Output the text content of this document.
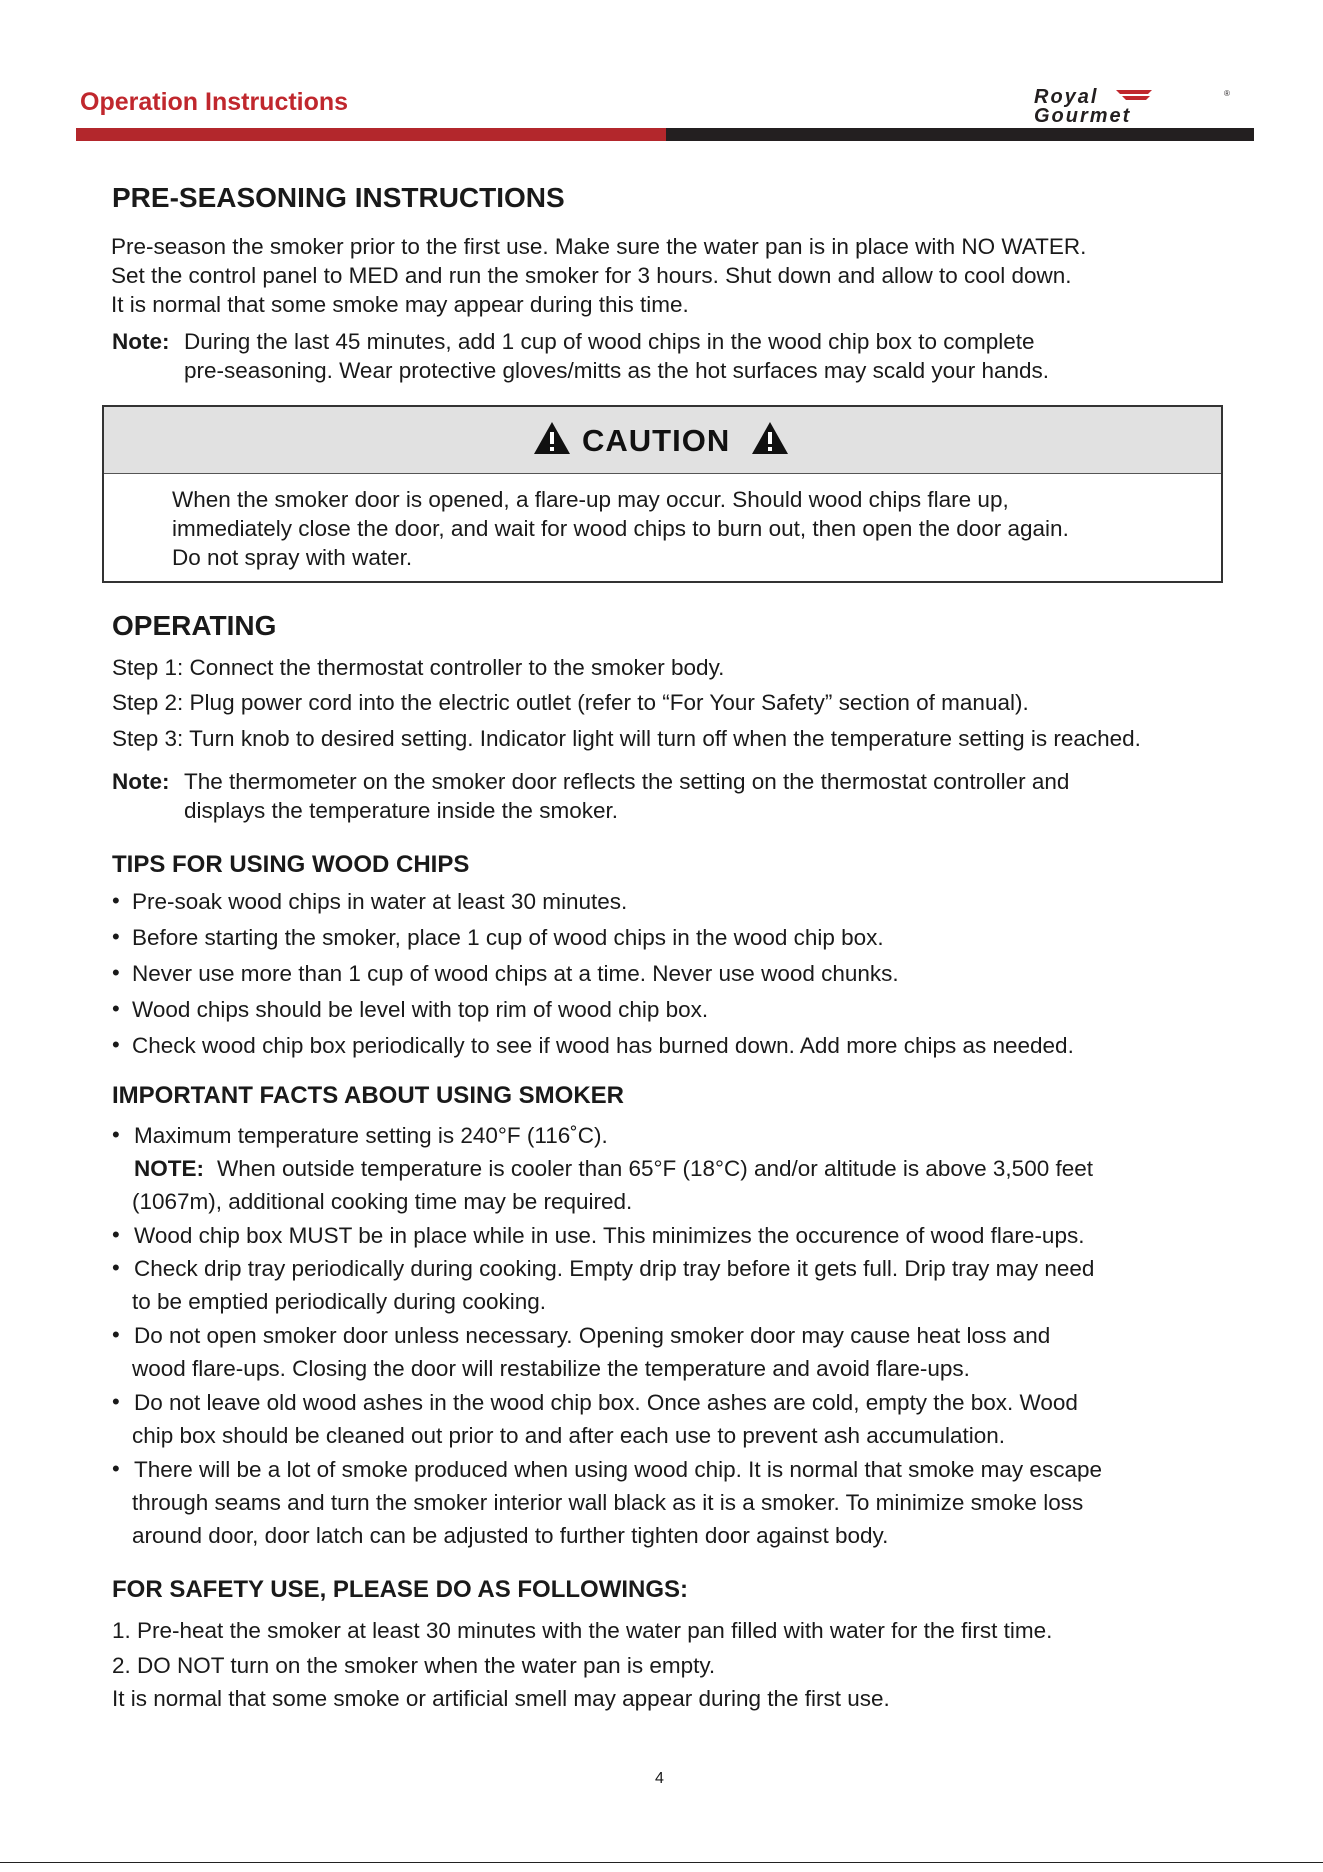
Operation Instructions	Royal
Gourmet
®
PRE-SEASONING INSTRUCTIONS
Pre-season the smoker prior to the first use. Make sure the water pan is in place with NO WATER.
Set the control panel to MED and run the smoker for 3 hours. Shut down and allow to cool down.
It is normal that some smoke may appear during this time.
Note: During the last 45 minutes, add 1 cup of wood chips in the wood chip box to complete
pre-seasoning. Wear protective gloves/mitts as the hot surfaces may scald your hands.
CAUTION
When the smoker door is opened, a flare-up may occur. Should wood chips flare up,
immediately close the door, and wait for wood chips to burn out, then open the door again.
Do not spray with water.
OPERATING
Step 1: Connect the thermostat controller to the smoker body.
Step 2: Plug power cord into the electric outlet (refer to “For Your Safety” section of manual).
Step 3: Turn knob to desired setting. Indicator light will turn off when the temperature setting is reached.
Note: The thermometer on the smoker door reflects the setting on the thermostat controller and
displays the temperature inside the smoker.
TIPS FOR USING WOOD CHIPS
• Pre-soak wood chips in water at least 30 minutes.
• Before starting the smoker, place 1 cup of wood chips in the wood chip box.
• Never use more than 1 cup of wood chips at a time. Never use wood chunks.
• Wood chips should be level with top rim of wood chip box.
• Check wood chip box periodically to see if wood has burned down. Add more chips as needed.
IMPORTANT FACTS ABOUT USING SMOKER
• Maximum temperature setting is 240°F (116˚C).
NOTE: When outside temperature is cooler than 65°F (18°C) and/or altitude is above 3,500 feet
(1067m), additional cooking time may be required.
• Wood chip box MUST be in place while in use. This minimizes the occurence of wood flare-ups.
• Check drip tray periodically during cooking. Empty drip tray before it gets full. Drip tray may need
to be emptied periodically during cooking.
• Do not open smoker door unless necessary. Opening smoker door may cause heat loss and
wood flare-ups. Closing the door will restabilize the temperature and avoid flare-ups.
• Do not leave old wood ashes in the wood chip box. Once ashes are cold, empty the box. Wood
chip box should be cleaned out prior to and after each use to prevent ash accumulation.
• There will be a lot of smoke produced when using wood chip. It is normal that smoke may escape
through seams and turn the smoker interior wall black as it is a smoker. To minimize smoke loss
around door, door latch can be adjusted to further tighten door against body.
FOR SAFETY USE, PLEASE DO AS FOLLOWINGS:
1. Pre-heat the smoker at least 30 minutes with the water pan filled with water for the first time.
2. DO NOT turn on the smoker when the water pan is empty.
It is normal that some smoke or artificial smell may appear during the first use.
4
